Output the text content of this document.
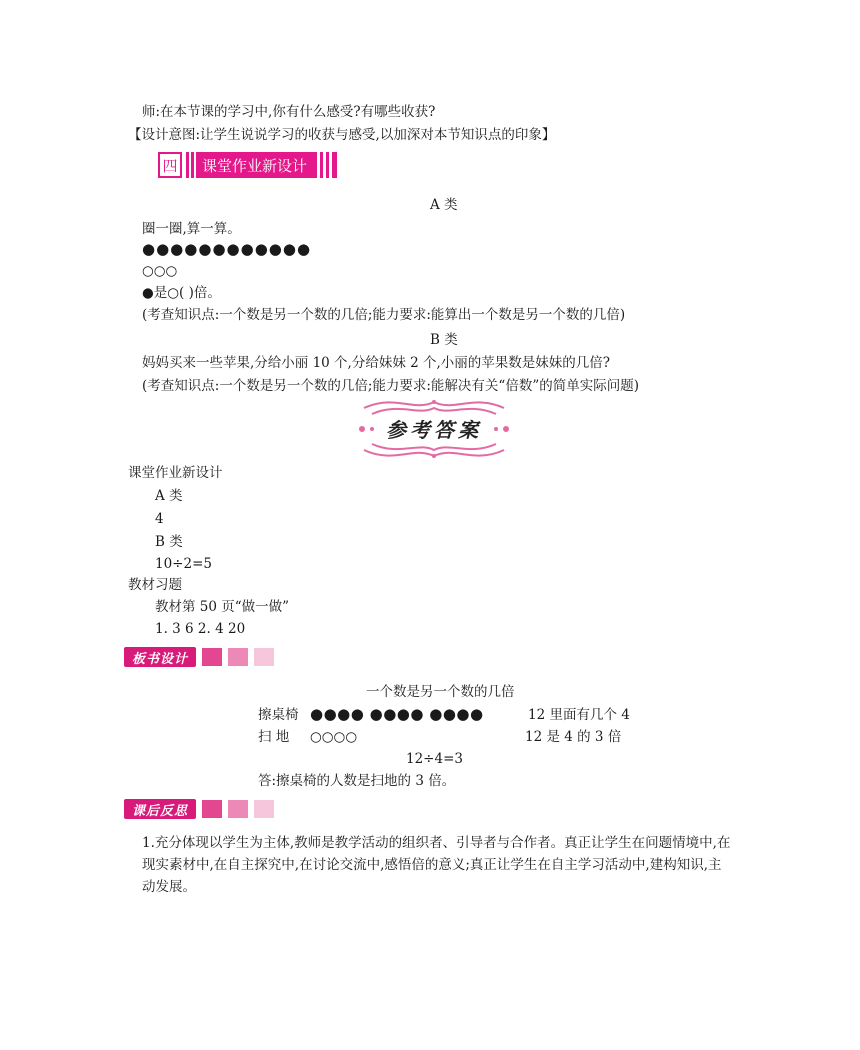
师:在本节课的学习中,你有什么感受?有哪些收获?
【设计意图:让学生说说学习的收获与感受,以加深对本节知识点的印象】
四	课堂作业新设计
A 类
圈一圈,算一算。
●●●●●●●●●●●●
○○○
●是○( )倍。
(考查知识点:一个数是另一个数的几倍;能力要求:能算出一个数是另一个数的几倍)
B 类
妈妈买来一些苹果,分给小丽 10 个,分给妹妹 2 个,小丽的苹果数是妹妹的几倍?
(考查知识点:一个数是另一个数的几倍;能力要求:能解决有关“倍数”的简单实际问题)
参考答案
课堂作业新设计
A 类
4
B 类
10÷2=5
教材习题
教材第 50 页“做一做”
1. 3 6 2. 4 20
板书设计
一个数是另一个数的几倍
擦桌椅 ●●●● ●●●● ●●●●	12 里面有几个 4
扫 地 ○○○○	12 是 4 的 3 倍
12÷4=3
答:擦桌椅的人数是扫地的 3 倍。
课后反思
1.充分体现以学生为主体,教师是教学活动的组织者、引导者与合作者。真正让学生在问题情境中,在现实素材中,在自主探究中,在讨论交流中,感悟倍的意义;真正让学生在自主学习活动中,建构知识,主动发展。
